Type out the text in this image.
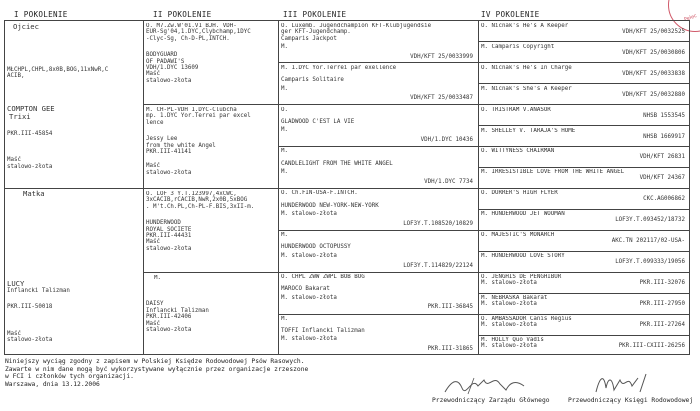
I POKOLENIE	II POKOLENIE	III POKOLENIE	IV POKOLENIE	Pelec
Ojciec
MŁCHPL,CHPL,8x0B,BOG,11xNwR,C
ACIB,
COMPTON GEE
Trixi
PKR.III-45854
Maść
stalowo-złota
Matka
LUCY
Inflancki Talizman
PKR.III-50018
Maść
stalowo-złota
O. M7.Zw.W'01.V1 BJH. VDH-
EUR-Sg'04,1.DYC,Clybchamp,1DYC
-Clyc-Sg, Ch-D-PL,INTCH.
BODYGUARD
OF PADAWI'S
VDH/1.DYC 13609
Maść
stalowo-złota
M. CH-PL-VDH 1.DYC-Clubcha
mp. 1.DYC Yor.Terrei par excel
lence
Jessy Lee
from the white Angel
PKR.III-41141
Maść
stalowo-złota
O. LOF 3 Y.T.123997,4xCWC,
3xCACIB,rCACIB,NwR,2x0B,5xBOG
. M't.Ch.PL,Ch-PL-F.BIS,3xII-m.
HUNDERWOOD
ROYAL SOCIETE
PKR.III-44431
Maść
stalowo-złota
M.
DAISY
Inflancki Talizman
PKR.III-42406
Maść
stalowo-złota
O. Luxemb. Jugendchampion KFT-Klubjugendsie
ger KFT-Jugendchamp.
Camparis Jackpot
M.
VDH/KFT 25/0033999
M. 1.DYC Yor.Terrei par exellence
Camparis Solitaire
M.
VDH/KFT 25/0033487
O.
GLADWOOD C'EST LA VIE
M.
VDH/1.DYC 10436
M.
CANDLELIGHT FROM THE WHITE ANGEL
M.
VDH/1.DYC 7734
O. Ch.FIN-USA-F.INTCH.
HUNDERWOOD NEW-YORK-NEW-YORK
M. stalowo-złota
LOF3Y.T.108520/10829
M.
HUNDERWOOD OCTOPUSSY
M. stalowo-złota
LOF3Y.T.114829/22124
O. CHPL ZWW ZWPL BOB BOG
MAROCO Bakarat
M. stalowo-złota
PKR.III-36845
M.
TOFFI Inflancki Talizman
M. stalowo-złota
PKR.III-31865
O. Nicnak's He's A Keeper
VDH/KFT 25/0032525
M. Camparis Copyright
VDH/KFT 25/0030806
O. Nicnak's He's In Charge
VDH/KFT 25/0033838
M. Nicnak's She's A Keeper
VDH/KFT 25/0032880
O. TRISTRAM V.ANASOR
NHSB 1553545
M. SHELLEY V. TARAJA'S HOME
NHSB 1669917
O. WITTYNESS CHAIRMAN
VDH/KFT 26831
M. IRRESISTIBLE LOVE FROM THE WHITE ANGEL
VDH/KFT 24367
O. DURRER'S HIGH FLYER
CKC.AG006862
M. HUNDERWOOD JET WOOMAN
LOF3Y.T.093452/18732
O. MAJESTIC'S MONARCH
AKC.TN 202117/02-USA-
M. HUNDERWOOD LOVE STORY
LOF3Y.T.099333/19056
O. JENGHIS DE PENGHIBUR
M. stalowo-złota	PKR.III-32076
M. NEBRASKA Bakarat
M. stalowo-złota	PKR.III-27950
O. AMBASSADOR Canis Regius
M. stalowo-złota	PKR.III-27264
M. HOLLY Quo Vadis
M. stalowo-złota	PKR.III-CXIII-26256
Niniejszy wyciąg zgodny z zapisem w Polskiej Księdze Rodowodowej Psów Rasowych.
Zawarte w nim dane mogą być wykorzystywane wyłącznie przez organizacje zrzeszone
w FCI i członków tych organizacji.
Warszawa, dnia 13.12.2006
Przewodniczący Zarządu Głównego	Przewodniczący Księgi Rodowodowej
